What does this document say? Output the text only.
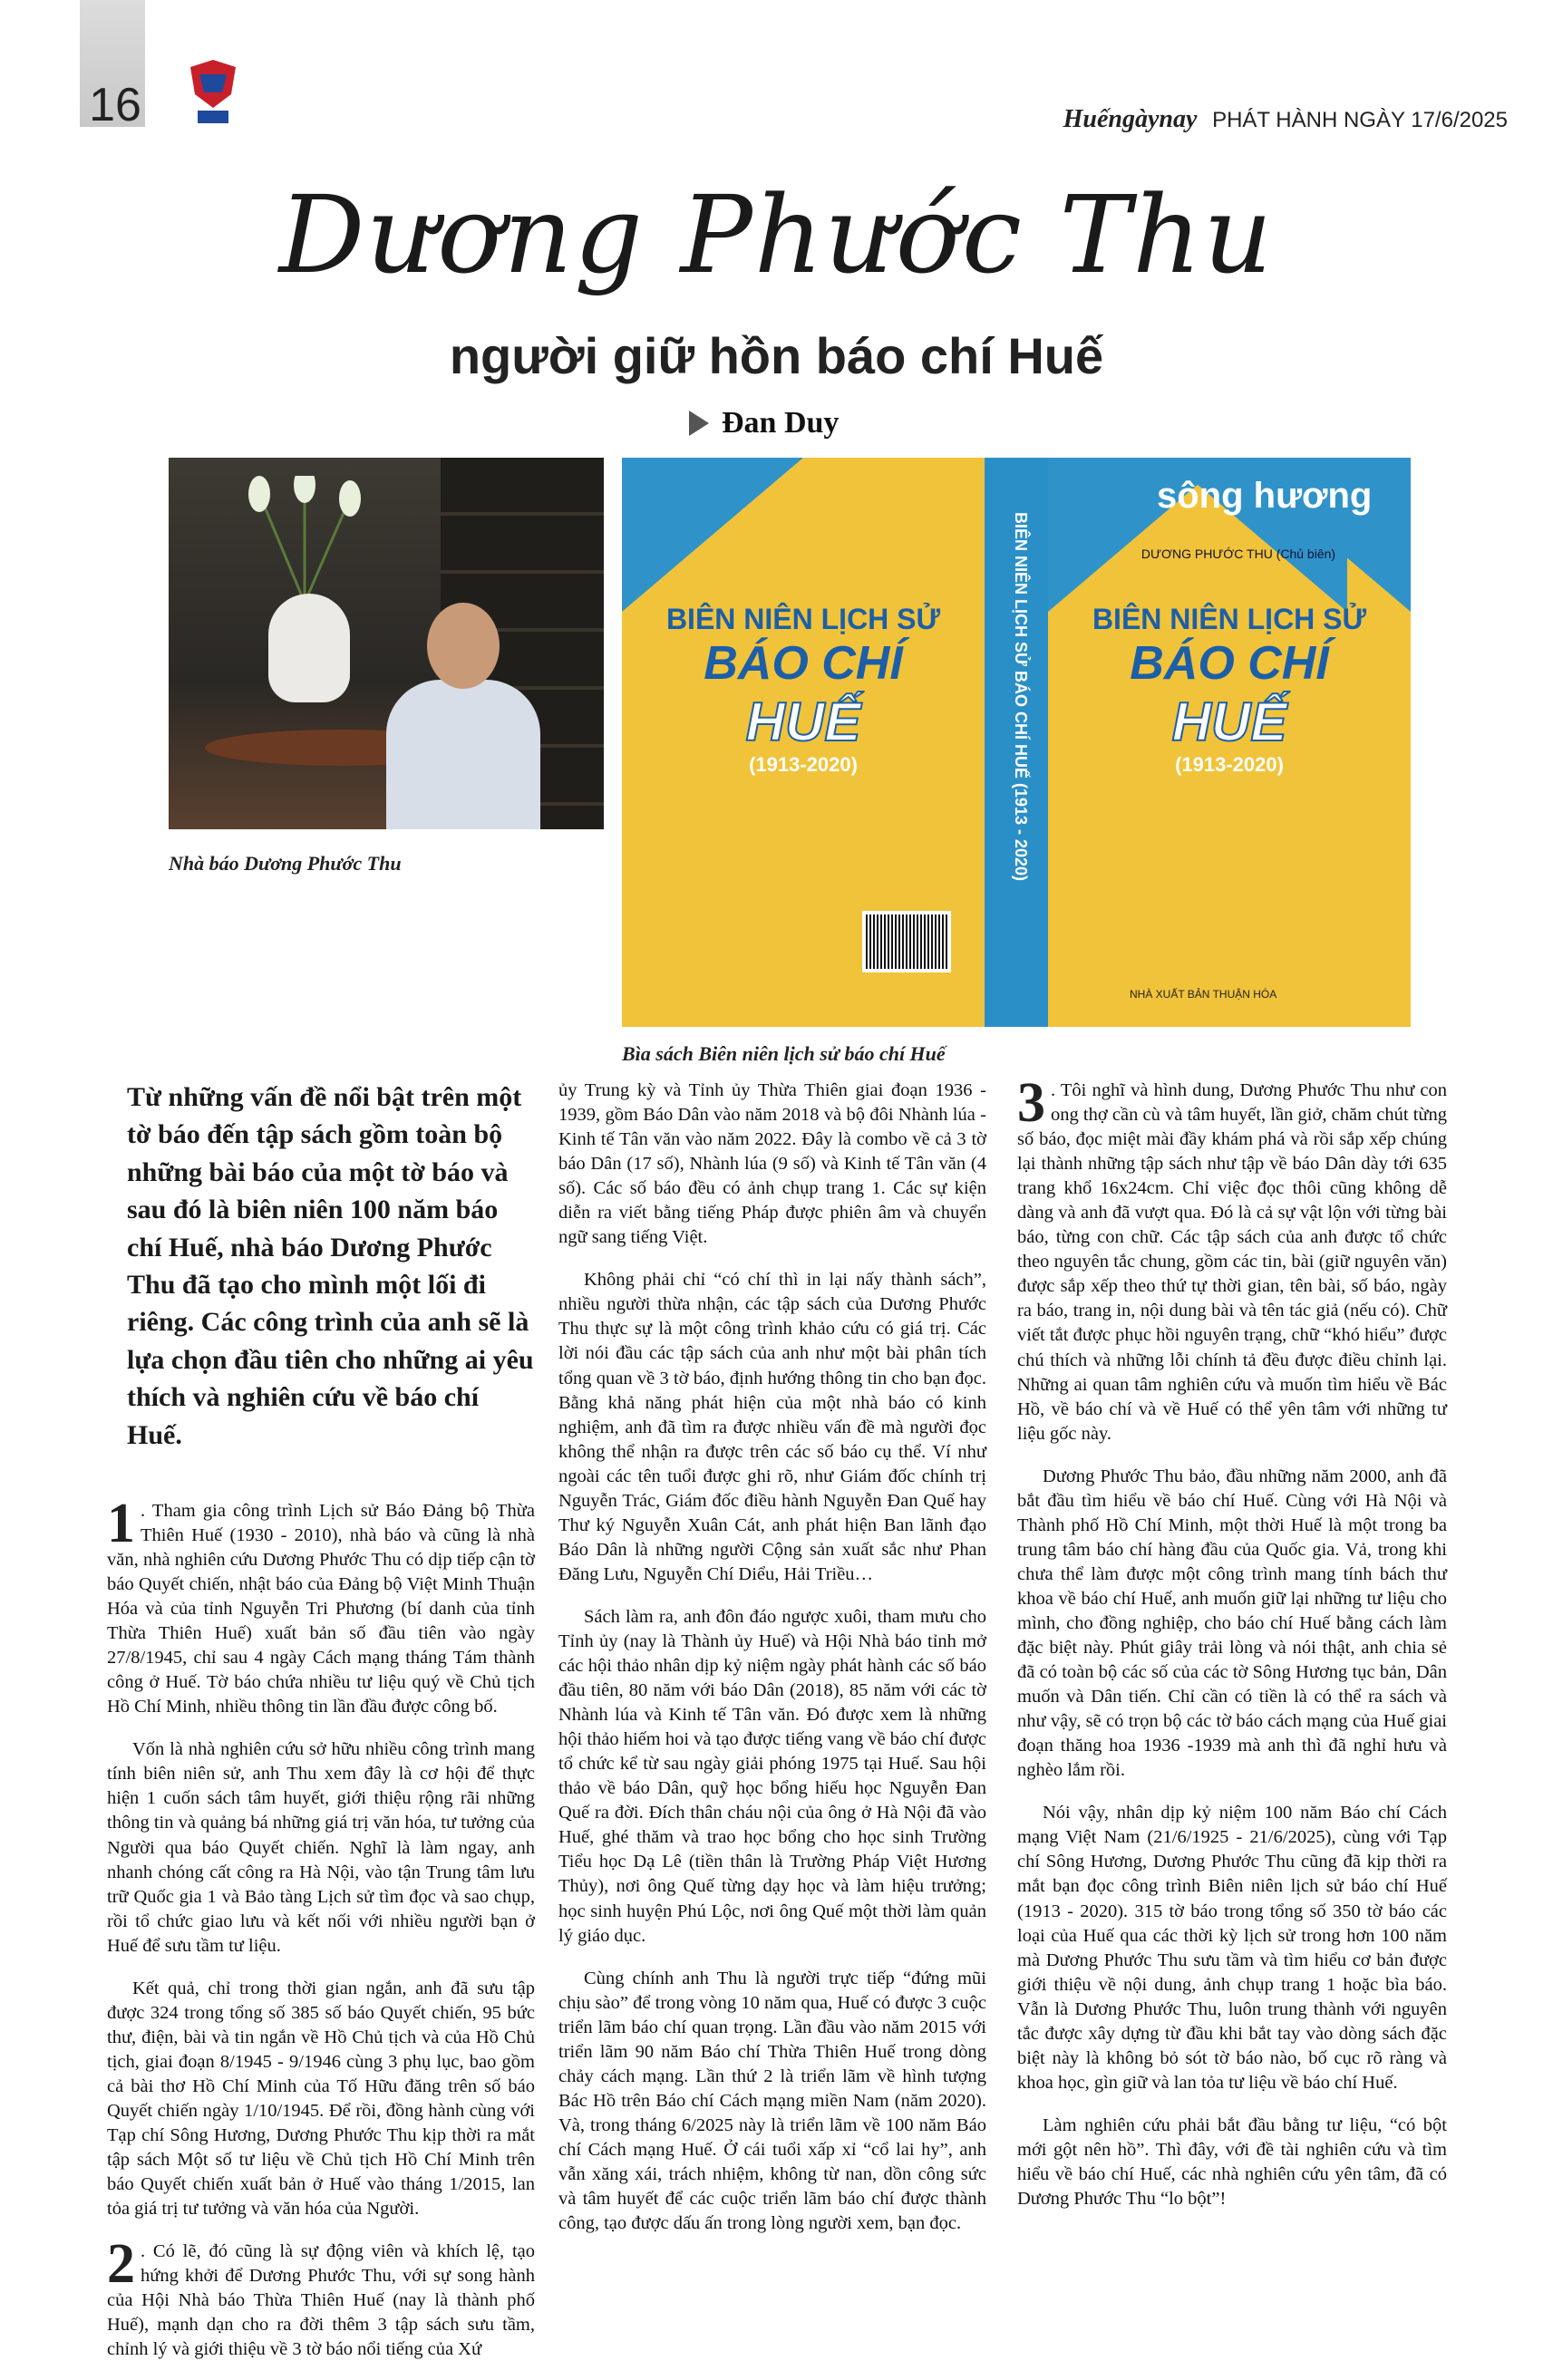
16	Huếngàynay PHÁT HÀNH NGÀY 17/6/2025
Dương Phước Thu
người giữ hồn báo chí Huế
Đan Duy
Nhà báo Dương Phước Thu
BIÊN NIÊN LỊCH SỬ
BÁO CHÍ
HUẾ
(1913-2020)	BIÊN NIÊN LỊCH SỬ BÁO CHÍ HUẾ (1913 - 2020)
sông hương
DƯƠNG PHƯỚC THU (Chủ biên)
BIÊN NIÊN LỊCH SỬ
BÁO CHÍ
HUẾ
(1913-2020)
NHÀ XUẤT BẢN THUẬN HÓA
Bìa sách Biên niên lịch sử báo chí Huế
Từ những vấn đề nổi bật trên một tờ báo đến tập sách gồm toàn bộ những bài báo của một tờ báo và sau đó là biên niên 100 năm báo chí Huế, nhà báo Dương Phước Thu đã tạo cho mình một lối đi riêng. Các công trình của anh sẽ là lựa chọn đầu tiên cho những ai yêu thích và nghiên cứu về báo chí Huế.

1 . Tham gia công trình Lịch sử Báo Đảng bộ Thừa Thiên Huế (1930 - 2010), nhà báo và cũng là nhà văn, nhà nghiên cứu Dương Phước Thu có dịp tiếp cận tờ báo Quyết chiến, nhật báo của Đảng bộ Việt Minh Thuận Hóa và của tỉnh Nguyễn Tri Phương (bí danh của tỉnh Thừa Thiên Huế) xuất bản số đầu tiên vào ngày 27/8/1945, chỉ sau 4 ngày Cách mạng tháng Tám thành công ở Huế. Tờ báo chứa nhiều tư liệu quý về Chủ tịch Hồ Chí Minh, nhiều thông tin lần đầu được công bố.

Vốn là nhà nghiên cứu sở hữu nhiều công trình mang tính biên niên sử, anh Thu xem đây là cơ hội để thực hiện 1 cuốn sách tâm huyết, giới thiệu rộng rãi những thông tin và quảng bá những giá trị văn hóa, tư tưởng của Người qua báo Quyết chiến. Nghĩ là làm ngay, anh nhanh chóng cất công ra Hà Nội, vào tận Trung tâm lưu trữ Quốc gia 1 và Bảo tàng Lịch sử tìm đọc và sao chụp, rồi tổ chức giao lưu và kết nối với nhiều người bạn ở Huế để sưu tầm tư liệu.

Kết quả, chỉ trong thời gian ngắn, anh đã sưu tập được 324 trong tổng số 385 số báo Quyết chiến, 95 bức thư, điện, bài và tin ngắn về Hồ Chủ tịch và của Hồ Chủ tịch, giai đoạn 8/1945 - 9/1946 cùng 3 phụ lục, bao gồm cả bài thơ Hồ Chí Minh của Tố Hữu đăng trên số báo Quyết chiến ngày 1/10/1945. Để rồi, đồng hành cùng với Tạp chí Sông Hương, Dương Phước Thu kịp thời ra mắt tập sách Một số tư liệu về Chủ tịch Hồ Chí Minh trên báo Quyết chiến xuất bản ở Huế vào tháng 1/2015, lan tỏa giá trị tư tưởng và văn hóa của Người.

2 . Có lẽ, đó cũng là sự động viên và khích lệ, tạo hứng khởi để Dương Phước Thu, với sự song hành của Hội Nhà báo Thừa Thiên Huế (nay là thành phố Huế), mạnh dạn cho ra đời thêm 3 tập sách sưu tầm, chỉnh lý và giới thiệu về 3 tờ báo nổi tiếng của Xứ

ủy Trung kỳ và Tỉnh ủy Thừa Thiên giai đoạn 1936 - 1939, gồm Báo Dân vào năm 2018 và bộ đôi Nhành lúa - Kinh tế Tân văn vào năm 2022. Đây là combo về cả 3 tờ báo Dân (17 số), Nhành lúa (9 số) và Kinh tế Tân văn (4 số). Các số báo đều có ảnh chụp trang 1. Các sự kiện diễn ra viết bằng tiếng Pháp được phiên âm và chuyển ngữ sang tiếng Việt.

Không phải chỉ “có chí thì in lại nấy thành sách”, nhiều người thừa nhận, các tập sách của Dương Phước Thu thực sự là một công trình khảo cứu có giá trị. Các lời nói đầu các tập sách của anh như một bài phân tích tổng quan về 3 tờ báo, định hướng thông tin cho bạn đọc. Bằng khả năng phát hiện của một nhà báo có kinh nghiệm, anh đã tìm ra được nhiều vấn đề mà người đọc không thể nhận ra được trên các số báo cụ thể. Ví như ngoài các tên tuổi được ghi rõ, như Giám đốc chính trị Nguyễn Trác, Giám đốc điều hành Nguyễn Đan Quế hay Thư ký Nguyễn Xuân Cát, anh phát hiện Ban lãnh đạo Báo Dân là những người Cộng sản xuất sắc như Phan Đăng Lưu, Nguyễn Chí Diểu, Hải Triều…

Sách làm ra, anh đôn đáo ngược xuôi, tham mưu cho Tỉnh ủy (nay là Thành ủy Huế) và Hội Nhà báo tỉnh mở các hội thảo nhân dịp kỷ niệm ngày phát hành các số báo đầu tiên, 80 năm với báo Dân (2018), 85 năm với các tờ Nhành lúa và Kinh tế Tân văn. Đó được xem là những hội thảo hiếm hoi và tạo được tiếng vang về báo chí được tổ chức kể từ sau ngày giải phóng 1975 tại Huế. Sau hội thảo về báo Dân, quỹ học bổng hiếu học Nguyễn Đan Quế ra đời. Đích thân cháu nội của ông ở Hà Nội đã vào Huế, ghé thăm và trao học bổng cho học sinh Trường Tiểu học Dạ Lê (tiền thân là Trường Pháp Việt Hương Thủy), nơi ông Quế từng dạy học và làm hiệu trưởng; học sinh huyện Phú Lộc, nơi ông Quế một thời làm quản lý giáo dục.

Cùng chính anh Thu là người trực tiếp “đứng mũi chịu sào” để trong vòng 10 năm qua, Huế có được 3 cuộc triển lãm báo chí quan trọng. Lần đầu vào năm 2015 với triển lãm 90 năm Báo chí Thừa Thiên Huế trong dòng chảy cách mạng. Lần thứ 2 là triển lãm về hình tượng Bác Hồ trên Báo chí Cách mạng miền Nam (năm 2020). Và, trong tháng 6/2025 này là triển lãm về 100 năm Báo chí Cách mạng Huế. Ở cái tuổi xấp xỉ “cổ lai hy”, anh vẫn xăng xái, trách nhiệm, không từ nan, dồn công sức và tâm huyết để các cuộc triển lãm báo chí được thành công, tạo được dấu ấn trong lòng người xem, bạn đọc.

3 . Tôi nghĩ và hình dung, Dương Phước Thu như con ong thợ cần cù và tâm huyết, lần giở, chăm chút từng số báo, đọc miệt mài đầy khám phá và rồi sắp xếp chúng lại thành những tập sách như tập về báo Dân dày tới 635 trang khổ 16x24cm. Chỉ việc đọc thôi cũng không dễ dàng và anh đã vượt qua. Đó là cả sự vật lộn với từng bài báo, từng con chữ. Các tập sách của anh được tổ chức theo nguyên tắc chung, gồm các tin, bài (giữ nguyên văn) được sắp xếp theo thứ tự thời gian, tên bài, số báo, ngày ra báo, trang in, nội dung bài và tên tác giả (nếu có). Chữ viết tắt được phục hồi nguyên trạng, chữ “khó hiểu” được chú thích và những lỗi chính tả đều được điều chỉnh lại. Những ai quan tâm nghiên cứu và muốn tìm hiểu về Bác Hồ, về báo chí và về Huế có thể yên tâm với những tư liệu gốc này.

Dương Phước Thu bảo, đầu những năm 2000, anh đã bắt đầu tìm hiểu về báo chí Huế. Cùng với Hà Nội và Thành phố Hồ Chí Minh, một thời Huế là một trong ba trung tâm báo chí hàng đầu của Quốc gia. Vả, trong khi chưa thể làm được một công trình mang tính bách thư khoa về báo chí Huế, anh muốn giữ lại những tư liệu cho mình, cho đồng nghiệp, cho báo chí Huế bằng cách làm đặc biệt này. Phút giây trải lòng và nói thật, anh chia sẻ đã có toàn bộ các số của các tờ Sông Hương tục bản, Dân muốn và Dân tiến. Chỉ cần có tiền là có thể ra sách và như vậy, sẽ có trọn bộ các tờ báo cách mạng của Huế giai đoạn thăng hoa 1936 -1939 mà anh thì đã nghỉ hưu và nghèo lắm rồi.

Nói vậy, nhân dịp kỷ niệm 100 năm Báo chí Cách mạng Việt Nam (21/6/1925 - 21/6/2025), cùng với Tạp chí Sông Hương, Dương Phước Thu cũng đã kịp thời ra mắt bạn đọc công trình Biên niên lịch sử báo chí Huế (1913 - 2020). 315 tờ báo trong tổng số 350 tờ báo các loại của Huế qua các thời kỳ lịch sử trong hơn 100 năm mà Dương Phước Thu sưu tầm và tìm hiểu cơ bản được giới thiệu về nội dung, ảnh chụp trang 1 hoặc bìa báo. Vẫn là Dương Phước Thu, luôn trung thành với nguyên tắc được xây dựng từ đầu khi bắt tay vào dòng sách đặc biệt này là không bỏ sót tờ báo nào, bố cục rõ ràng và khoa học, gìn giữ và lan tỏa tư liệu về báo chí Huế.

Làm nghiên cứu phải bắt đầu bằng tư liệu, “có bột mới gột nên hồ”. Thì đây, với đề tài nghiên cứu và tìm hiểu về báo chí Huế, các nhà nghiên cứu yên tâm, đã có Dương Phước Thu “lo bột”!
